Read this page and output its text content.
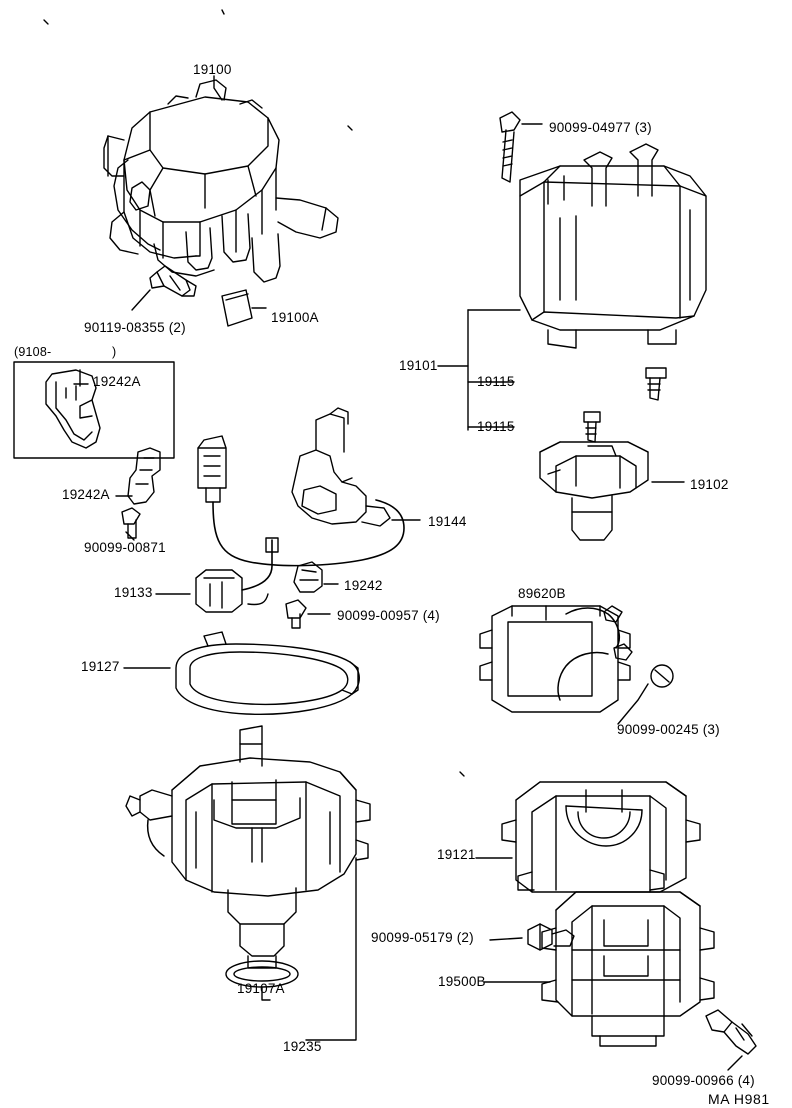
19100
90099-04977 (3)
90119-08355 (2)
19100A
19101
19115
19115
19102
19242A
19242A
90099-00871
19144
19133	19242
90099-00957 (4)
89620B
90099-00245 (3)
19127
19121
90099-05179 (2)
19500B
19107A
19235
90099-00966 (4)
(9108-	)
MA H981
